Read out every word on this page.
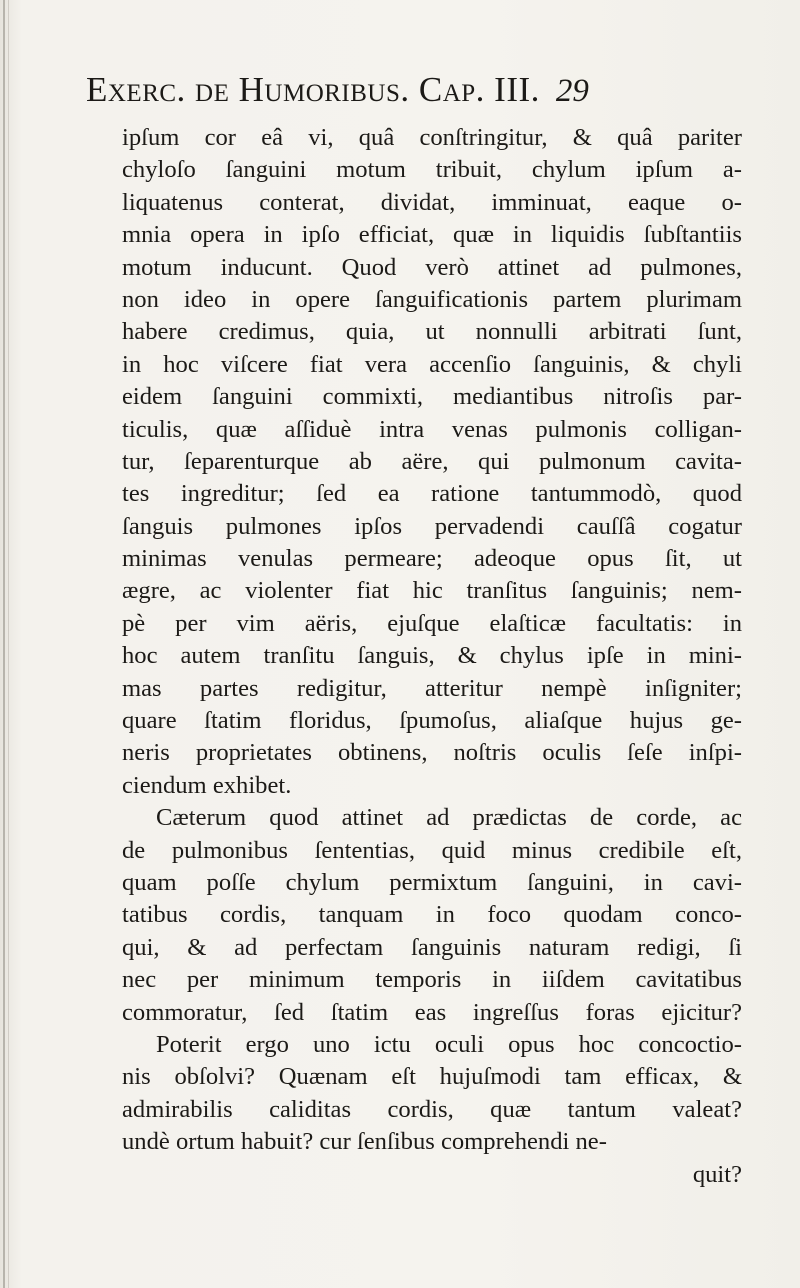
Exerc. de Humoribus. Cap. III. 29
ipſum cor eâ vi, quâ conſtringitur, & quâ pariter
chyloſo ſanguini motum tribuit, chylum ipſum a-
liquatenus conterat, dividat, imminuat, eaque o-
mnia opera in ipſo efficiat, quæ in liquidis ſubſtantiis
motum inducunt. Quod verò attinet ad pulmones,
non ideo in opere ſanguificationis partem plurimam
habere credimus, quia, ut nonnulli arbitrati ſunt,
in hoc viſcere fiat vera accenſio ſanguinis, & chyli
eidem ſanguini commixti, mediantibus nitroſis par-
ticulis, quæ aſſiduè intra venas pulmonis colligan-
tur, ſeparenturque ab aëre, qui pulmonum cavita-
tes ingreditur; ſed ea ratione tantummodò, quod
ſanguis pulmones ipſos pervadendi cauſſâ cogatur
minimas venulas permeare; adeoque opus ſit, ut
ægre, ac violenter fiat hic tranſitus ſanguinis; nem-
pè per vim aëris, ejuſque elaſticæ facultatis: in
hoc autem tranſitu ſanguis, & chylus ipſe in mini-
mas partes redigitur, atteritur nempè inſigniter;
quare ſtatim floridus, ſpumoſus, aliaſque hujus ge-
neris proprietates obtinens, noſtris oculis ſeſe inſpi-
ciendum exhibet.
Cæterum quod attinet ad prædictas de corde, ac
de pulmonibus ſententias, quid minus credibile eſt,
quam poſſe chylum permixtum ſanguini, in cavi-
tatibus cordis, tanquam in foco quodam conco-
qui, & ad perfectam ſanguinis naturam redigi, ſi
nec per minimum temporis in iiſdem cavitatibus
commoratur, ſed ſtatim eas ingreſſus foras ejicitur?
Poterit ergo uno ictu oculi opus hoc concoctio-
nis obſolvi? Quænam eſt hujuſmodi tam efficax, &
admirabilis caliditas cordis, quæ tantum valeat?
undè ortum habuit? cur ſenſibus comprehendi ne-
quit?
